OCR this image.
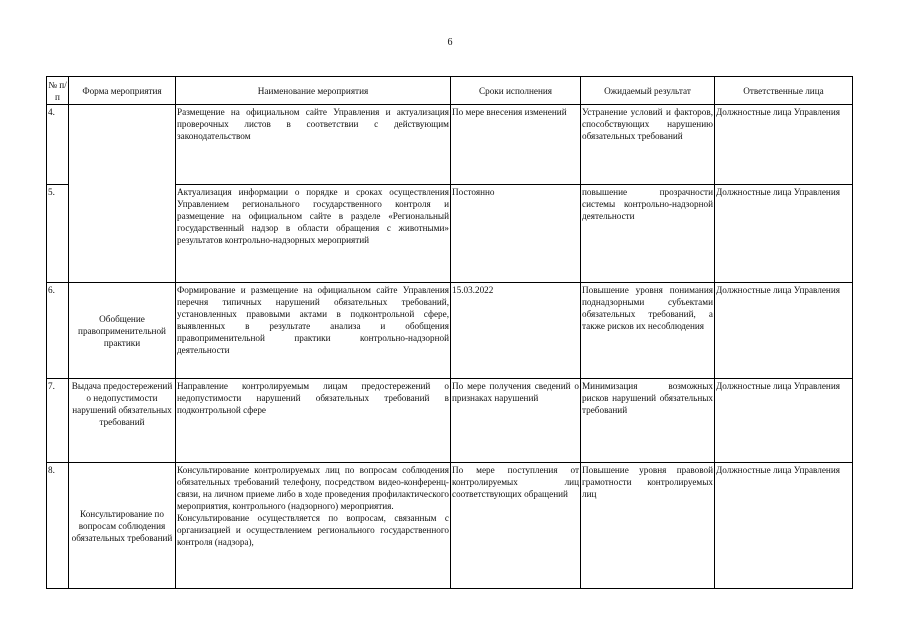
6
№ п/п	Форма мероприятия	Наименование мероприятия	Сроки исполнения	Ожидаемый результат	Ответственные лица
4.		Размещение на официальном сайте Управления и актуализация проверочных листов в соответствии с действующим законодательством	По мере внесения изменений	Устранение условий и факторов, способствующих нарушению обязательных требований	Должностные лица Управления
5.		Актуализация информации о порядке и сроках осуществления Управлением регионального государственного контроля и размещение на официальном сайте в разделе «Региональный государственный надзор в области обращения с животными» результатов контрольно-надзорных мероприятий	Постоянно	повышение прозрачности системы контрольно-надзорной деятельности	Должностные лица Управления
6.	Обобщение правоприменительной практики	Формирование и размещение на официальном сайте Управления перечня типичных нарушений обязательных требований, установленных правовыми актами в подконтрольной сфере, выявленных в результате анализа и обобщения правоприменительной практики контрольно-надзорной деятельности	15.03.2022	Повышение уровня понимания поднадзорными субъектами обязательных требований, а также рисков их несоблюдения	Должностные лица Управления
7.	Выдача предостережений о недопустимости нарушений обязательных требований	Направление контролируемым лицам предостережений о недопустимости нарушений обязательных требований в подконтрольной сфере	По мере получения сведений о признаках нарушений	Минимизация возможных рисков нарушений обязательных требований	Должностные лица Управления
8.	Консультирование по вопросам соблюдения обязательных требований	Консультирование контролируемых лиц по вопросам соблюдения обязательных требований телефону, посредством видео-конференц-связи, на личном приеме либо в ходе проведения профилактического мероприятия, контрольного (надзорного) мероприятия.
Консультирование осуществляется по вопросам, связанным с организацией и осуществлением регионального государственного контроля (надзора),	По мере поступления от контролируемых лиц соответствующих обращений	Повышение уровня правовой грамотности контролируемых лиц	Должностные лица Управления
